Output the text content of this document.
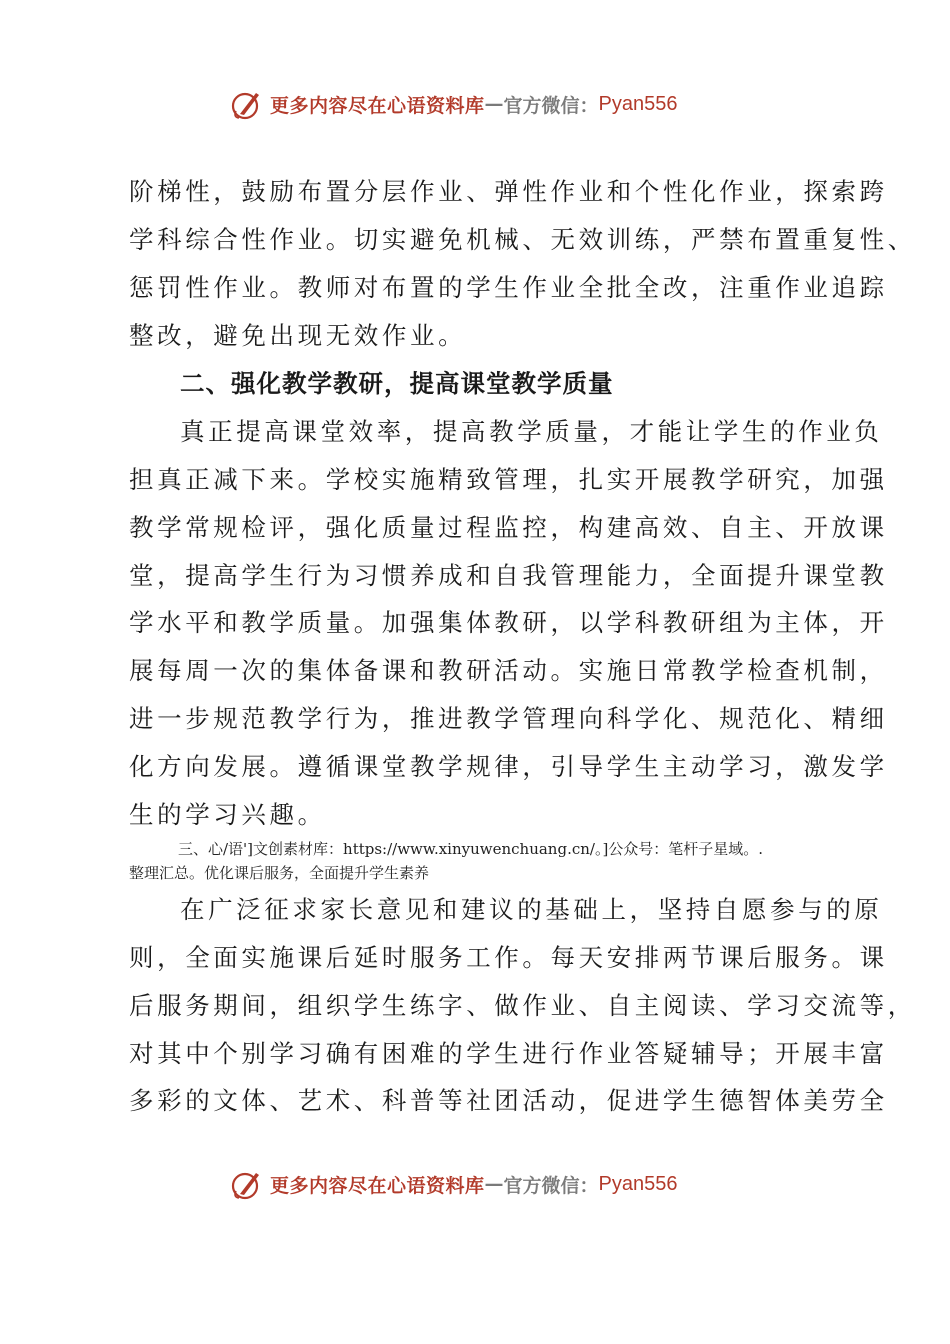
更多内容尽在心语资料库 — 官方微信： Pyan556
阶梯性，鼓励布置分层作业、弹性作业和个性化作业，探索跨
学科综合性作业。切实避免机械、无效训练，严禁布置重复性、
惩罚性作业。教师对布置的学生作业全批全改，注重作业追踪
整改，避免出现无效作业。
二、强化教学教研，提高课堂教学质量
真正提高课堂效率，提高教学质量，才能让学生的作业负
担真正减下来。学校实施精致管理，扎实开展教学研究，加强
教学常规检评，强化质量过程监控，构建高效、自主、开放课
堂，提高学生行为习惯养成和自我管理能力，全面提升课堂教
学水平和教学质量。加强集体教研，以学科教研组为主体，开
展每周一次的集体备课和教研活动。实施日常教学检查机制，
进一步规范教学行为，推进教学管理向科学化、规范化、精细
化方向发展。遵循课堂教学规律，引导学生主动学习，激发学
生的学习兴趣。
三、心/语']文创素材库：https://www.xinyuwenchuang.cn/。]公众号：笔杆子星域。.
整理汇总。优化课后服务，全面提升学生素养
在广泛征求家长意见和建议的基础上，坚持自愿参与的原
则，全面实施课后延时服务工作。每天安排两节课后服务。课
后服务期间，组织学生练字、做作业、自主阅读、学习交流等，
对其中个别学习确有困难的学生进行作业答疑辅导；开展丰富
多彩的文体、艺术、科普等社团活动，促进学生德智体美劳全
更多内容尽在心语资料库 — 官方微信： Pyan556
